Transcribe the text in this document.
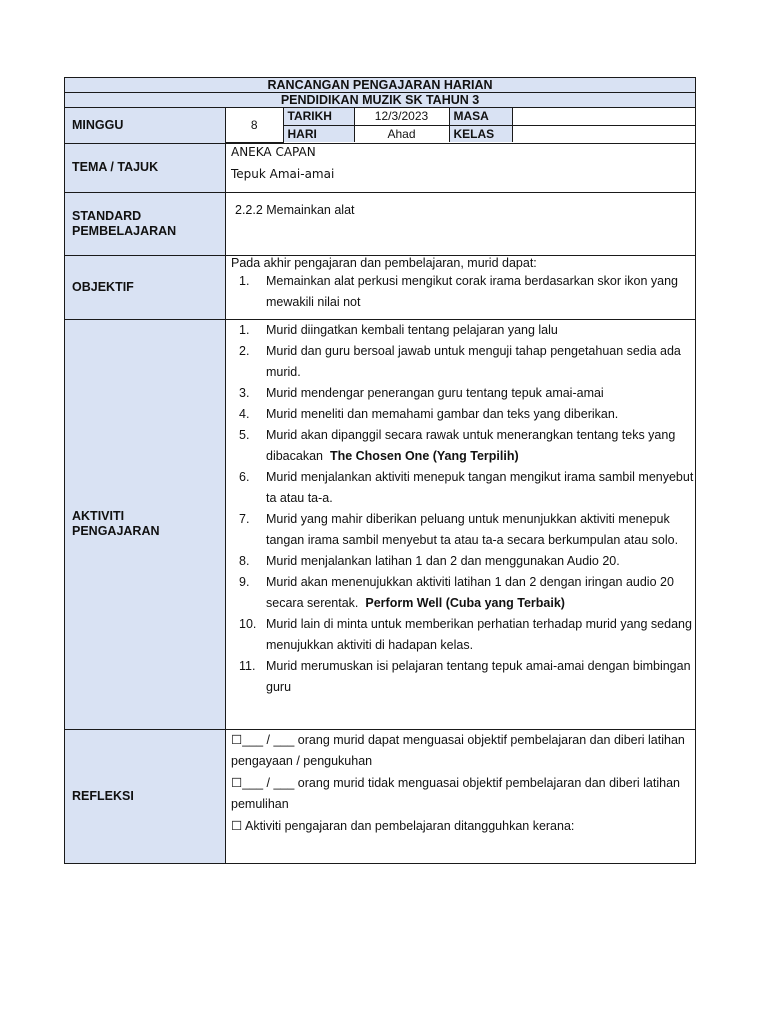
RANCANGAN PENGAJARAN HARIAN
PENDIDIKAN MUZIK SK TAHUN 3
MINGGU		8	TARIKH	12/3/2023	MASA	
HARI	Ahad	KELAS	

TEMA / TAJUK	

ANEKA CAPAN

Tepuk Amai-amai

STANDARD
PEMBELAJARAN

2.2.2 Memainkan alat

OBJEKTIF	
Pada akhir pengajaran dan pembelajaran, murid dapat:
1. Memainkan alat perkusi mengikut corak irama berdasarkan skor ikon yang mewakili nilai not

AKTIVITI
PENGAJARAN

1. Murid diingatkan kembali tentang pelajaran yang lalu
2. Murid dan guru bersoal jawab untuk menguji tahap pengetahuan sedia ada murid.
3. Murid mendengar penerangan guru tentang tepuk amai-amai
4. Murid meneliti dan memahami gambar dan teks yang diberikan.
5. Murid akan dipanggil secara rawak untuk menerangkan tentang teks yang dibacakan The Chosen One (Yang Terpilih)
6. Murid menjalankan aktiviti menepuk tangan mengikut irama sambil menyebut ta atau ta-a.
7. Murid yang mahir diberikan peluang untuk menunjukkan aktiviti menepuk tangan irama sambil menyebut ta atau ta-a secara berkumpulan atau solo.
8. Murid menjalankan latihan 1 dan 2 dan menggunakan Audio 20.
9. Murid akan menenujukkan aktiviti latihan 1 dan 2 dengan iringan audio 20 secara serentak. Perform Well (Cuba yang Terbaik)
10. Murid lain di minta untuk memberikan perhatian terhadap murid yang sedang menujukkan aktiviti di hadapan kelas.
11. Murid merumuskan isi pelajaran tentang tepuk amai-amai dengan bimbingan guru

REFLEKSI	

☐___ / ___ orang murid dapat menguasai objektif pembelajaran dan diberi latihan pengayaan / pengukuhan

☐___ / ___ orang murid tidak menguasai objektif pembelajaran dan diberi latihan pemulihan

☐ Aktiviti pengajaran dan pembelajaran ditangguhkan kerana:
